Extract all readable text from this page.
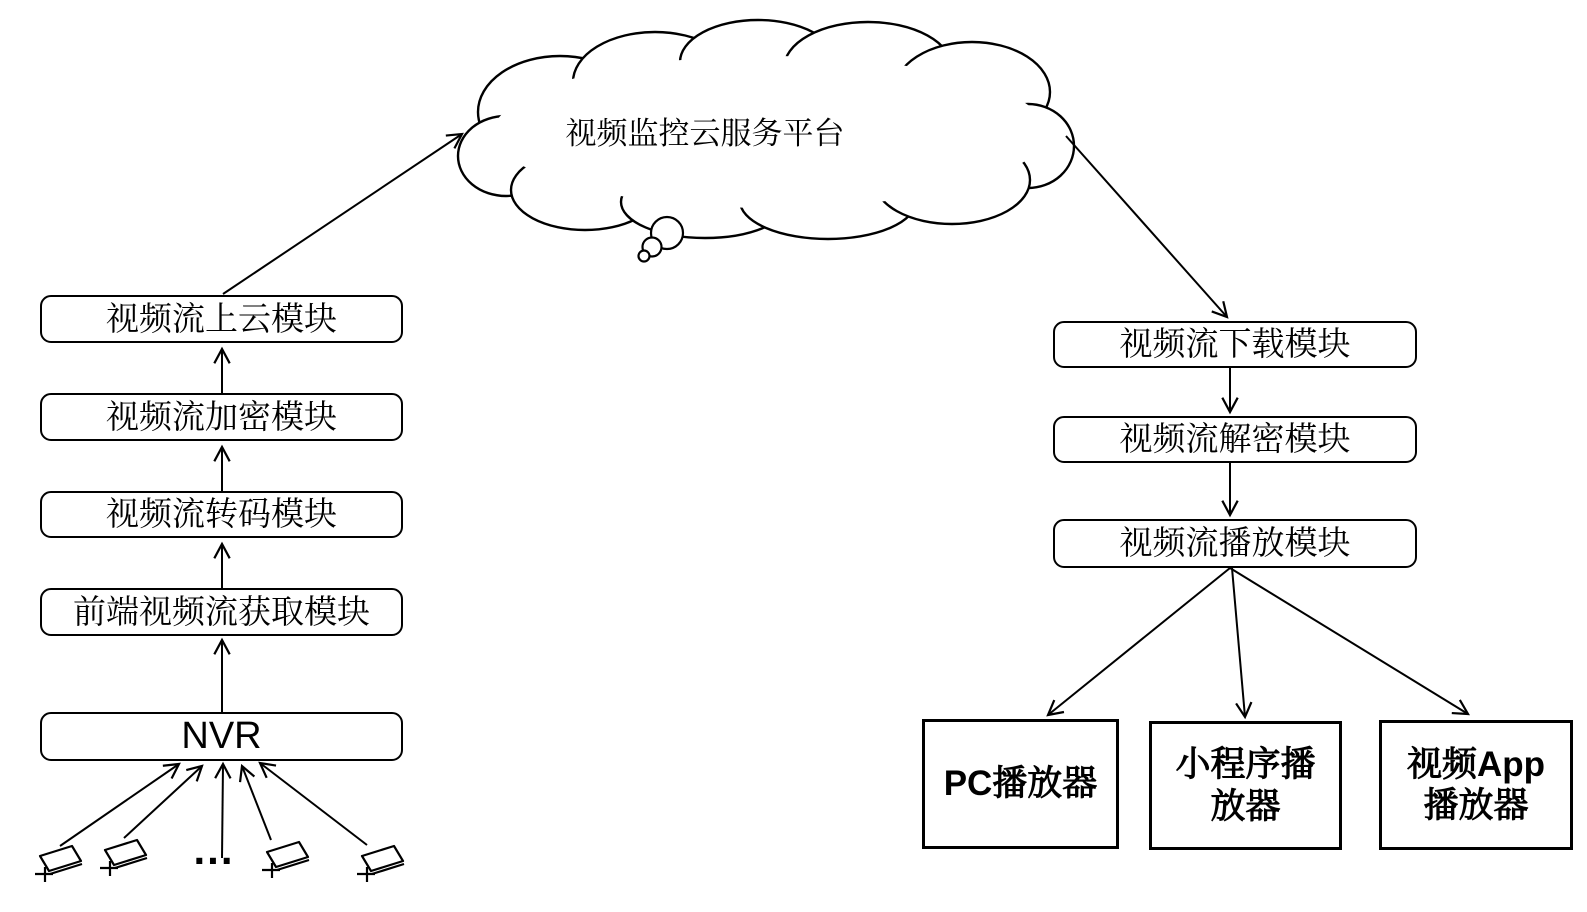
视频监控云服务平台
视频流上云模块
视频流加密模块
视频流转码模块
前端视频流获取模块
NVR
...
视频流下载模块
视频流解密模块
视频流播放模块
PC播放器	小程序播放器
视频App播放器
